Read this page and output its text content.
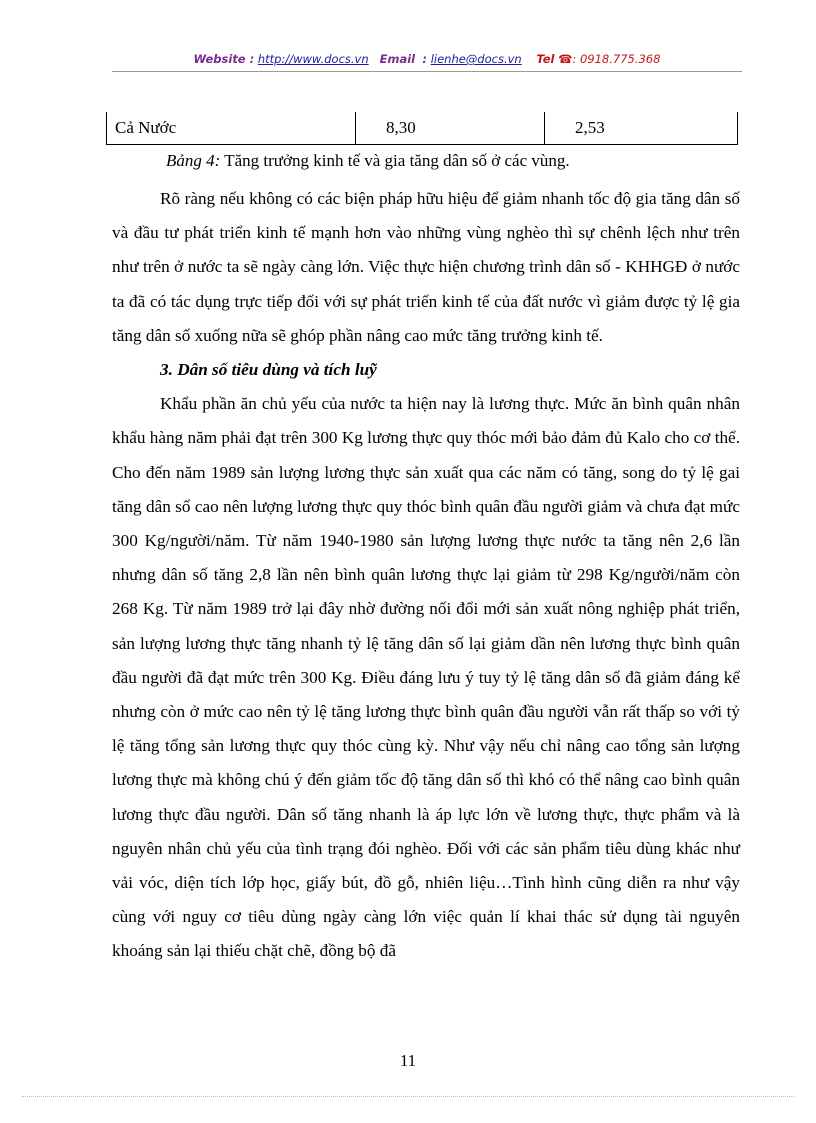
Website : http://www.docs.vn Email : lienhe@docs.vn Tel ☎: 0918.775.368
Cả Nước	8,30	2,53
Bảng 4: Tăng trưởng kinh tế và gia tăng dân số ở các vùng.

Rõ ràng nếu không có các biện pháp hữu hiệu để giảm nhanh tốc độ gia tăng dân số và đầu tư phát triển kinh tế mạnh hơn vào những vùng nghèo thì sự chênh lệch như trên như trên ở nước ta sẽ ngày càng lớn. Việc thực hiện chương trình dân số - KHHGĐ ở nước ta đã có tác dụng trực tiếp đối với sự phát triển kinh tế của đất nước vì giảm được tỷ lệ gia tăng dân số xuống nữa sẽ ghóp phần nâng cao mức tăng trưởng kinh tế.

3. Dân số tiêu dùng và tích luỹ

Khẩu phần ăn chủ yếu của nước ta hiện nay là lương thực. Mức ăn bình quân nhân khẩu hàng năm phải đạt trên 300 Kg lương thực quy thóc mới bảo đảm đủ Kalo cho cơ thể. Cho đến năm 1989 sản lượng lương thực sản xuất qua các năm có tăng, song do tỷ lệ gai tăng dân số cao nên lượng lương thực quy thóc bình quân đầu người giảm và chưa đạt mức 300 Kg/người/năm. Từ năm 1940-1980 sản lượng lương thực nước ta tăng nên 2,6 lần nhưng dân số tăng 2,8 lần nên bình quân lương thực lại giảm từ 298 Kg/người/năm còn 268 Kg. Từ năm 1989 trở lại đây nhờ đường nối đổi mới sản xuất nông nghiệp phát triển, sản lượng lương thực tăng nhanh tỷ lệ tăng dân số lại giảm dần nên lương thực bình quân đầu người đã đạt mức trên 300 Kg. Điều đáng lưu ý tuy tỷ lệ tăng dân số đã giảm đáng kể nhưng còn ở mức cao nên tỷ lệ tăng lương thực bình quân đầu người vẫn rất thấp so với tỷ lệ tăng tổng sản lương thực quy thóc cùng kỳ. Như vậy nếu chỉ nâng cao tổng sản lượng lương thực mà không chú ý đến giảm tốc độ tăng dân số thì khó có thể nâng cao bình quân lương thực đầu người. Dân số tăng nhanh là áp lực lớn về lương thực, thực phẩm và là nguyên nhân chủ yếu của tình trạng đói nghèo. Đối với các sản phẩm tiêu dùng khác như vải vóc, diện tích lớp học, giấy bút, đồ gỗ, nhiên liệu…Tình hình cũng diễn ra như vậy cùng với nguy cơ tiêu dùng ngày càng lớn việc quản lí khai thác sử dụng tài nguyên khoáng sản lại thiếu chặt chẽ, đồng bộ đã

11
